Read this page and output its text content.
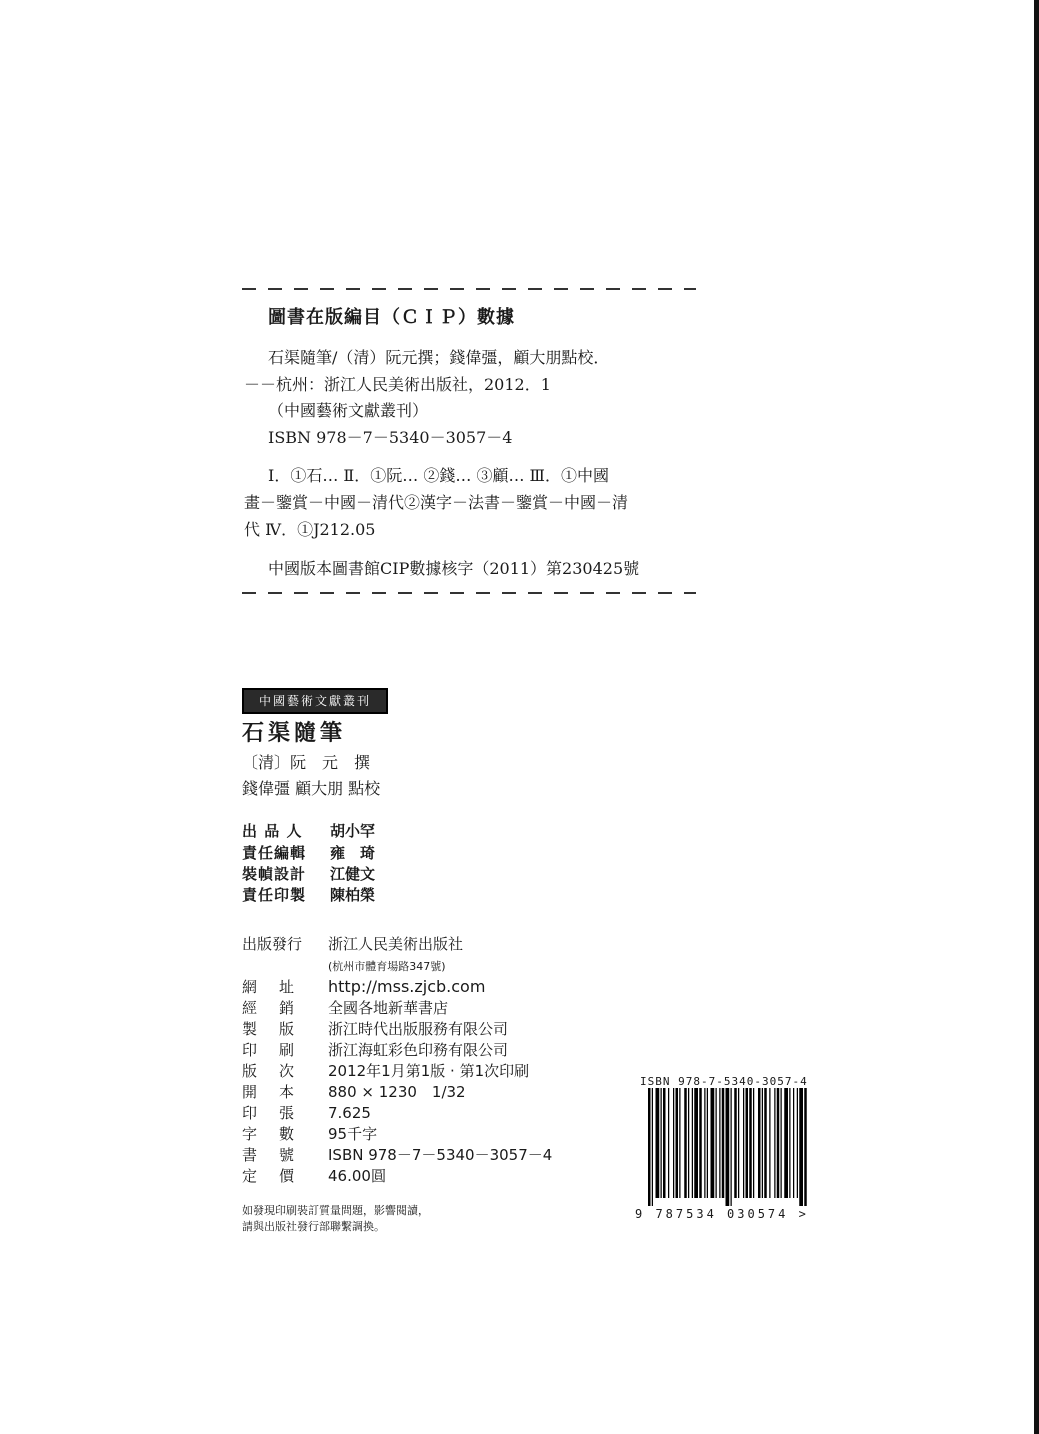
圖書在版編目（ＣＩＰ）數據
石渠隨筆/（清）阮元撰；錢偉彊，顧大朋點校．
－－杭州：浙江人民美術出版社，2012．1
（中國藝術文獻叢刊）
ISBN 978－7－5340－3057－4
Ⅰ．①石… Ⅱ．①阮… ②錢… ③顧… Ⅲ．①中國
畫－鑒賞－中國－清代②漢字－法書－鑒賞－中國－清
代 Ⅳ．①J212.05
中國版本圖書館CIP數據核字（2011）第230425號
中國藝術文獻叢刊
石渠隨筆
〔清〕阮　元　撰
錢偉彊 顧大朋 點校
出 品 人 胡小罕
責任編輯 雍　琦
裝幀設計 江健文
責任印製 陳柏榮
出版發行 浙江人民美術出版社
(杭州市體育場路347號)
網址 http://mss.zjcb.com
經銷 全國各地新華書店
製版 浙江時代出版服務有限公司
印刷 浙江海虹彩色印務有限公司
版次 2012年1月第1版 · 第1次印刷
開本 880 × 1230　1/32
印張 7.625
字數 95千字
書號 ISBN 978－7－5340－3057－4
定價 46.00圓
如發現印刷裝訂質量問題，影響閱讀，
請與出版社發行部聯繫調換。
ISBN 978-7-5340-3057-4
9 787534 030574 >
